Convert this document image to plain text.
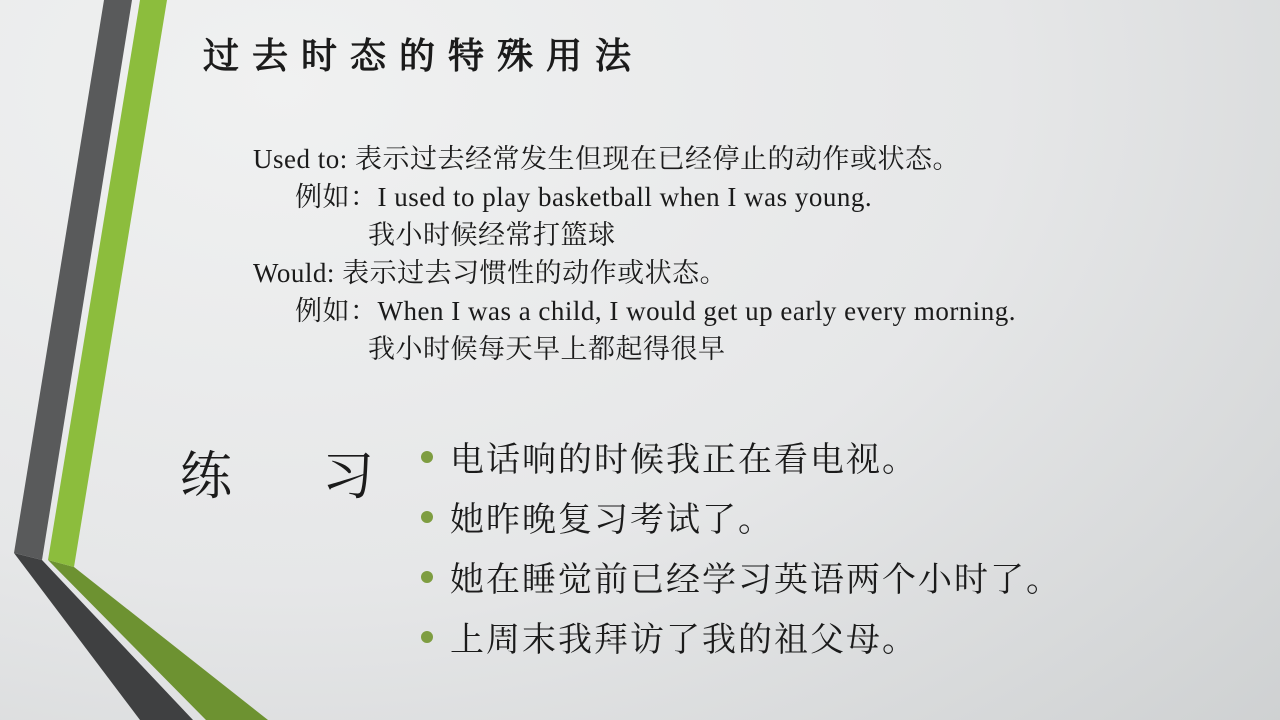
过去时态的特殊用法

Used to: 表示过去经常发生但现在已经停止的动作或状态。

例如：I used to play basketball when I was young.

我小时候经常打篮球

Would: 表示过去习惯性的动作或状态。

例如：When I was a child, I would get up early every morning.

我小时候每天早上都起得很早

练 习 电话响的时候我正在看电视。
她昨晚复习考试了。
她在睡觉前已经学习英语两个小时了。
上周末我拜访了我的祖父母。
